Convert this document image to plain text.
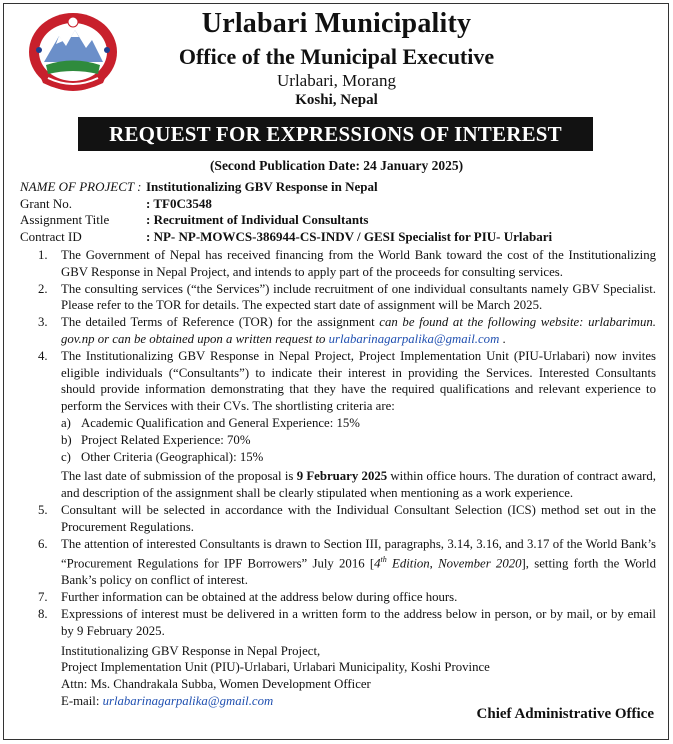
Urlabari Municipality
Office of the Municipal Executive
Urlabari, Morang
Koshi, Nepal
REQUEST FOR EXPRESSIONS OF INTEREST
(Second Publication Date: 24 January 2025)
NAME OF PROJECT : Institutionalizing GBV Response in Nepal
Grant No.	: TF0C3548
Assignment Title	: Recruitment of Individual Consultants
Contract ID	: NP- NP-MOWCS-386944-CS-INDV / GESI Specialist for PIU- Urlabari
1.	The Government of Nepal has received financing from the World Bank toward the cost of the Institutionalizing GBV Response in Nepal Project, and intends to apply part of the proceeds for consulting services.
2.	The consulting services (“the Services”) include recruitment of one individual consultants namely GBV Specialist. Please refer to the TOR for details. The expected start date of assignment will be March 2025.
3.	The detailed Terms of Reference (TOR) for the assignment can be found at the following website: urlabarimun. gov.np or can be obtained upon a written request to urlabarinagarpalika@gmail.com .
4.	The Institutionalizing GBV Response in Nepal Project, Project Implementation Unit (PIU-Urlabari) now invites eligible individuals (“Consultants”) to indicate their interest in providing the Services. Interested Consultants should provide information demonstrating that they have the required qualifications and relevant experience to perform the Services with their CVs. The shortlisting criteria are:
a) Academic Qualification and General Experience: 15%
b) Project Related Experience: 70%
c) Other Criteria (Geographical): 15%
The last date of submission of the proposal is 9 February 2025 within office hours. The duration of contract award, and description of the assignment shall be clearly stipulated when mentioning as a work experience.
5.	Consultant will be selected in accordance with the Individual Consultant Selection (ICS) method set out in the Procurement Regulations.
6.	The attention of interested Consultants is drawn to Section III, paragraphs, 3.14, 3.16, and 3.17 of the World Bank’s “Procurement Regulations for IPF Borrowers” July 2016 [4th Edition, November 2020], setting forth the World Bank’s policy on conflict of interest.
7.	Further information can be obtained at the address below during office hours.
8.	Expressions of interest must be delivered in a written form to the address below in person, or by mail, or by email by 9 February 2025.
Institutionalizing GBV Response in Nepal Project,
Project Implementation Unit (PIU)-Urlabari, Urlabari Municipality, Koshi Province
Attn: Ms. Chandrakala Subba, Women Development Officer
E-mail: urlabarinagarpalika@gmail.com
Chief Administrative Office
